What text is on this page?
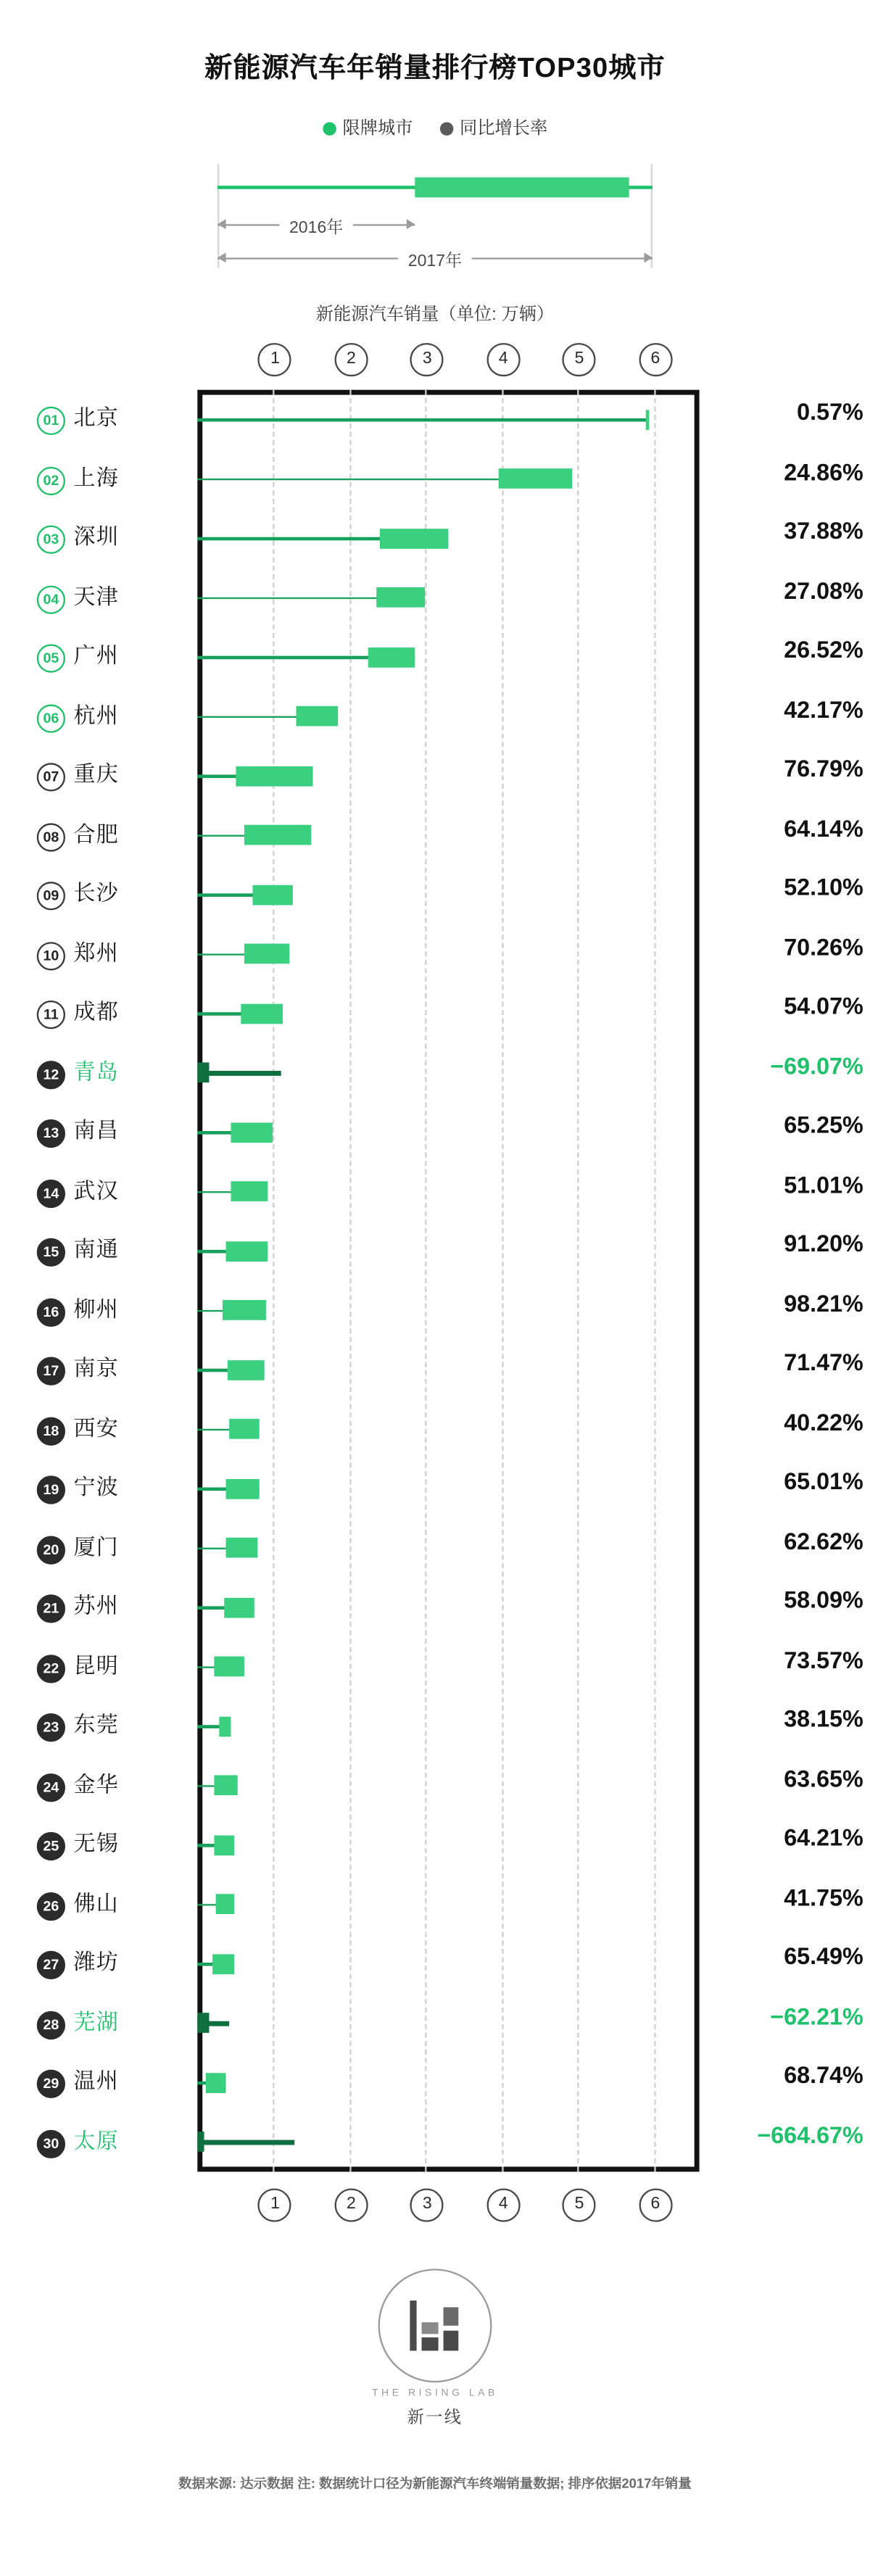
新能源汽车年销量排行榜TOP30城市
限牌城市	同比增长率
2016年
2017年
新能源汽车销量（单位: 万辆）
1	2	3	4	5	6
01	北京	0.57%
02	上海	24.86%
03	深圳	37.88%
04	天津	27.08%
05	广州	26.52%
06	杭州	42.17%
07	重庆	76.79%
08	合肥	64.14%
09	长沙	52.10%
10	郑州	70.26%
11	成都	54.07%
12	青岛	−69.07%
13	南昌	65.25%
14	武汉	51.01%
15	南通	91.20%
16	柳州	98.21%
17	南京	71.47%
18	西安	40.22%
19	宁波	65.01%
20	厦门	62.62%
21	苏州	58.09%
22	昆明	73.57%
23	东莞	38.15%
24	金华	63.65%
25	无锡	64.21%
26	佛山	41.75%
27	潍坊	65.49%
28	芜湖	−62.21%
29	温州	68.74%
30	太原	−664.67%
1	2	3	4	5	6
THE RISING LAB
新一线
数据来源: 达示数据 注: 数据统计口径为新能源汽车终端销量数据; 排序依据2017年销量
